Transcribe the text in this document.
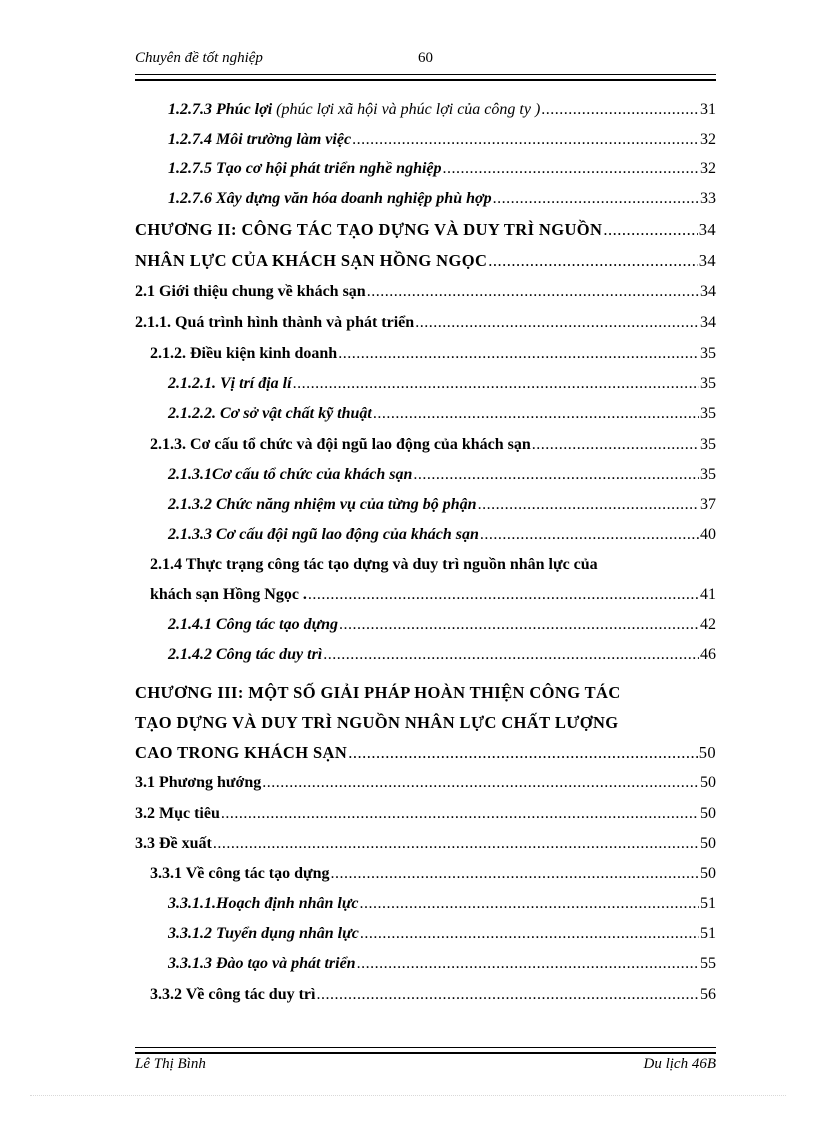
Chuyên đề tốt nghiệp	60
1.2.7.3 Phúc lợi (phúc lợi xã hội và phúc lợi của công ty ) .....	31
1.2.7.4 Môi trường làm việc .....	32
1.2.7.5 Tạo cơ hội phát triển nghề nghiệp .....	32
1.2.7.6 Xây dựng văn hóa doanh nghiệp phù hợp .....	33
CHƯƠNG II: CÔNG TÁC TẠO DỰNG VÀ DUY TRÌ NGUỒN .....	34
NHÂN LỰC CỦA KHÁCH SẠN HỒNG NGỌC .....	34
2.1 Giới thiệu chung về khách sạn .....	34
2.1.1. Quá trình hình thành và phát triển .....	34
2.1.2. Điều kiện kinh doanh .....	35
2.1.2.1. Vị trí địa lí .....	35
2.1.2.2. Cơ sở vật chất kỹ thuật .....	35
2.1.3. Cơ cấu tổ chức và đội ngũ lao động của khách sạn .....	35
2.1.3.1Cơ cấu tổ chức của khách sạn .....	35
2.1.3.2 Chức năng nhiệm vụ của từng bộ phận .....	37
2.1.3.3 Cơ cấu đội ngũ lao động của khách sạn .....	40
2.1.4 Thực trạng công tác tạo dựng và duy trì nguồn nhân lực của
khách sạn Hồng Ngọc . .....	41
2.1.4.1 Công tác tạo dựng .....	42
2.1.4.2 Công tác duy trì .....	46
CHƯƠNG III: MỘT SỐ GIẢI PHÁP HOÀN THIỆN CÔNG TÁC
TẠO DỰNG VÀ DUY TRÌ NGUỒN NHÂN LỰC CHẤT LƯỢNG
CAO TRONG KHÁCH SẠN .....	50
3.1 Phương hướng .....	50
3.2 Mục tiêu .....	50
3.3 Đề xuất .....	50
3.3.1 Về công tác tạo dựng .....	50
3.3.1.1.Hoạch định nhân lực .....	51
3.3.1.2 Tuyển dụng nhân lực .....	51
3.3.1.3 Đào tạo và phát triển .....	55
3.3.2 Về công tác duy trì .....	56
Lê Thị Bình	Du lịch 46B
